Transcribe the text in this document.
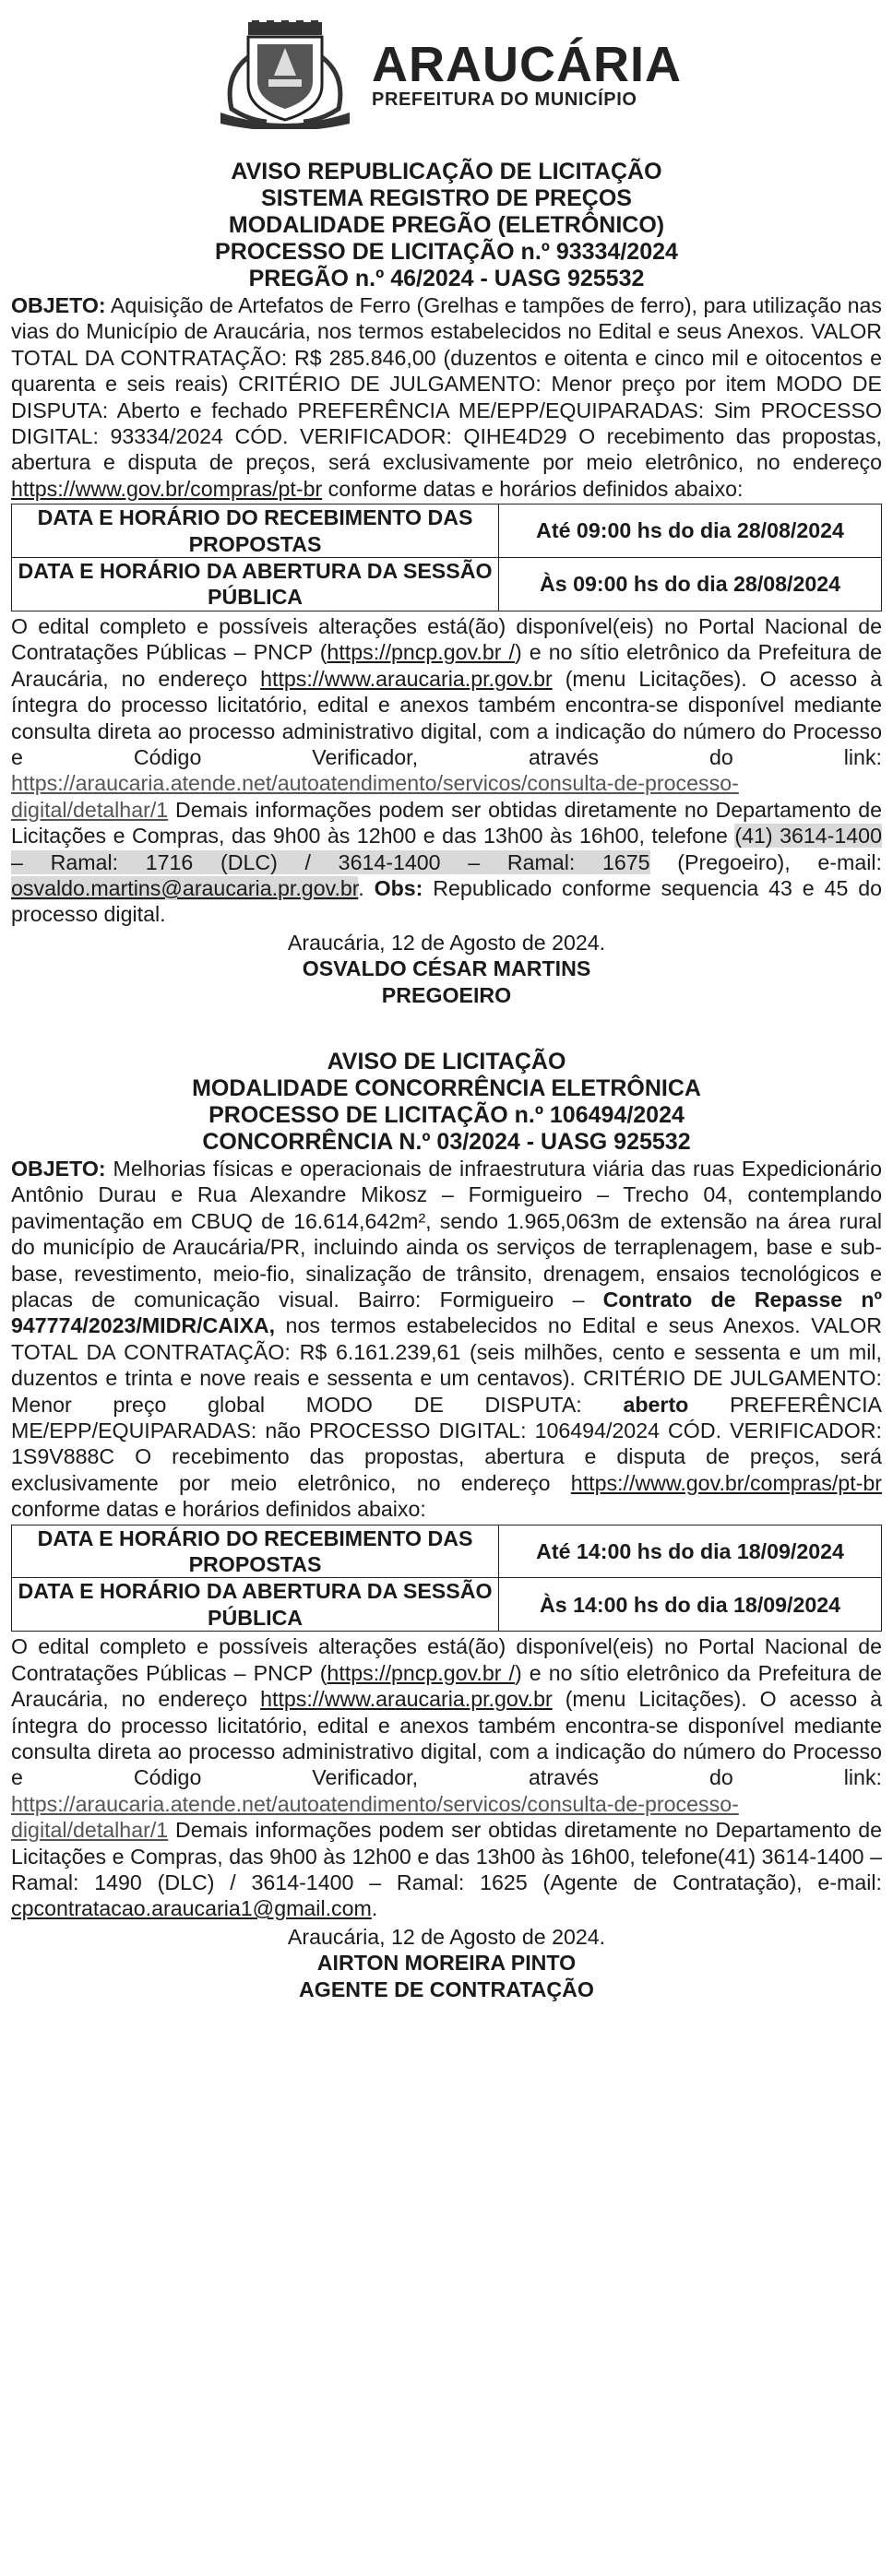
ARAUCÁRIA
PREFEITURA DO MUNICÍPIO
AVISO REPUBLICAÇÃO DE LICITAÇÃO
SISTEMA REGISTRO DE PREÇOS
MODALIDADE PREGÃO (ELETRÔNICO)
PROCESSO DE LICITAÇÃO n.º 93334/2024
PREGÃO n.º 46/2024 - UASG 925532

OBJETO: Aquisição de Artefatos de Ferro (Grelhas e tampões de ferro), para utilização nas vias do Município de Araucária, nos termos estabelecidos no Edital e seus Anexos. VALOR TOTAL DA CONTRATAÇÃO: R$ 285.846,00 (duzentos e oitenta e cinco mil e oitocentos e quarenta e seis reais) CRITÉRIO DE JULGAMENTO: Menor preço por item MODO DE DISPUTA: Aberto e fechado PREFERÊNCIA ME/EPP/EQUIPARADAS: Sim PROCESSO DIGITAL: 93334/2024 CÓD. VERIFICADOR: QIHE4D29 O recebimento das propostas, abertura e disputa de preços, será exclusivamente por meio eletrônico, no endereço https://www.gov.br/compras/pt-br conforme datas e horários definidos abaixo:

DATA E HORÁRIO DO RECEBIMENTO DAS PROPOSTAS	Até 09:00 hs do dia 28/08/2024
DATA E HORÁRIO DA ABERTURA DA SESSÃO PÚBLICA	Às 09:00 hs do dia 28/08/2024

O edital completo e possíveis alterações está(ão) disponível(eis) no Portal Nacional de Contratações Públicas – PNCP (https://pncp.gov.br /) e no sítio eletrônico da Prefeitura de Araucária, no endereço https://www.araucaria.pr.gov.br (menu Licitações). O acesso à íntegra do processo licitatório, edital e anexos também encontra-se disponível mediante consulta direta ao processo administrativo digital, com a indicação do número do Processo e Código Verificador, através do link: https://araucaria.atende.net/autoatendimento/servicos/consulta-de-processo-digital/detalhar/1 Demais informações podem ser obtidas diretamente no Departamento de Licitações e Compras, das 9h00 às 12h00 e das 13h00 às 16h00, telefone (41) 3614-1400 – Ramal: 1716 (DLC) / 3614-1400 – Ramal: 1675 (Pregoeiro), e-mail: osvaldo.martins@araucaria.pr.gov.br. Obs: Republicado conforme sequencia 43 e 45 do processo digital.

Araucária, 12 de Agosto de 2024.
OSVALDO CÉSAR MARTINS
PREGOEIRO
AVISO DE LICITAÇÃO
MODALIDADE CONCORRÊNCIA ELETRÔNICA
PROCESSO DE LICITAÇÃO n.º 106494/2024
CONCORRÊNCIA N.º 03/2024 - UASG 925532

OBJETO: Melhorias físicas e operacionais de infraestrutura viária das ruas Expedicionário Antônio Durau e Rua Alexandre Mikosz – Formigueiro – Trecho 04, contemplando pavimentação em CBUQ de 16.614,642m², sendo 1.965,063m de extensão na área rural do município de Araucária/PR, incluindo ainda os serviços de terraplenagem, base e sub-base, revestimento, meio-fio, sinalização de trânsito, drenagem, ensaios tecnológicos e placas de comunicação visual. Bairro: Formigueiro – Contrato de Repasse nº 947774/2023/MIDR/CAIXA, nos termos estabelecidos no Edital e seus Anexos. VALOR TOTAL DA CONTRATAÇÃO: R$ 6.161.239,61 (seis milhões, cento e sessenta e um mil, duzentos e trinta e nove reais e sessenta e um centavos). CRITÉRIO DE JULGAMENTO: Menor preço global MODO DE DISPUTA: aberto PREFERÊNCIA ME/EPP/EQUIPARADAS: não PROCESSO DIGITAL: 106494/2024 CÓD. VERIFICADOR: 1S9V888C O recebimento das propostas, abertura e disputa de preços, será exclusivamente por meio eletrônico, no endereço https://www.gov.br/compras/pt-br conforme datas e horários definidos abaixo:

DATA E HORÁRIO DO RECEBIMENTO DAS PROPOSTAS	Até 14:00 hs do dia 18/09/2024
DATA E HORÁRIO DA ABERTURA DA SESSÃO PÚBLICA	Às 14:00 hs do dia 18/09/2024

O edital completo e possíveis alterações está(ão) disponível(eis) no Portal Nacional de Contratações Públicas – PNCP (https://pncp.gov.br /) e no sítio eletrônico da Prefeitura de Araucária, no endereço https://www.araucaria.pr.gov.br (menu Licitações). O acesso à íntegra do processo licitatório, edital e anexos também encontra-se disponível mediante consulta direta ao processo administrativo digital, com a indicação do número do Processo e Código Verificador, através do link: https://araucaria.atende.net/autoatendimento/servicos/consulta-de-processo-digital/detalhar/1 Demais informações podem ser obtidas diretamente no Departamento de Licitações e Compras, das 9h00 às 12h00 e das 13h00 às 16h00, telefone(41) 3614-1400 – Ramal: 1490 (DLC) / 3614-1400 – Ramal: 1625 (Agente de Contratação), e-mail: cpcontratacao.araucaria1@gmail.com.

Araucária, 12 de Agosto de 2024.
AIRTON MOREIRA PINTO
AGENTE DE CONTRATAÇÃO
